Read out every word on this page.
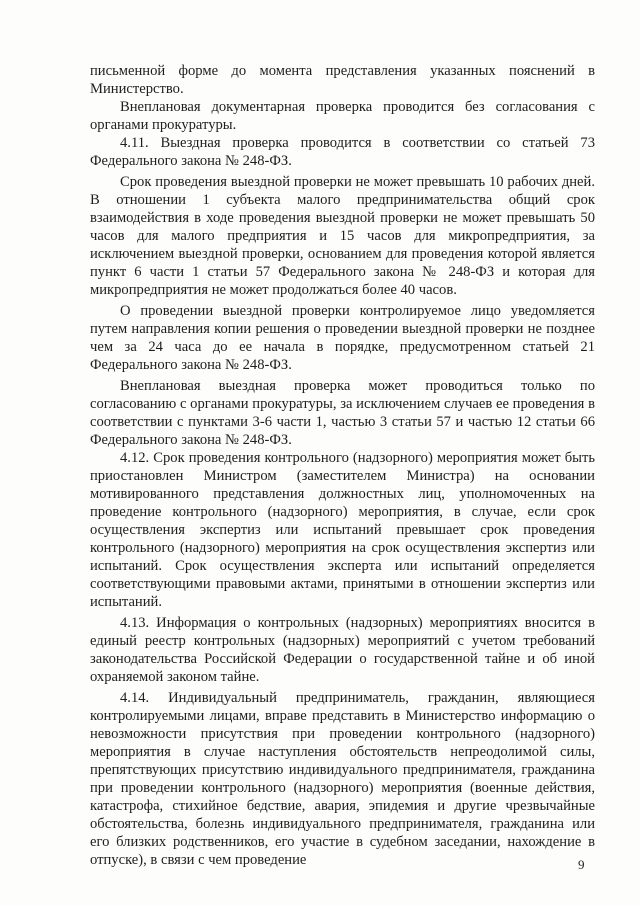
письменной форме до момента представления указанных пояснений в Министерство.

Внеплановая документарная проверка проводится без согласования с органами прокуратуры.

4.11. Выездная проверка проводится в соответствии со статьей 73 Федерального закона № 248-ФЗ.

Срок проведения выездной проверки не может превышать 10 рабочих дней. В отношении 1 субъекта малого предпринимательства общий срок взаимодействия в ходе проведения выездной проверки не может превышать 50 часов для малого предприятия и 15 часов для микропредприятия, за исключением выездной проверки, основанием для проведения которой является пункт 6 части 1 статьи 57 Федерального закона № 248-ФЗ и которая для микропредприятия не может продолжаться более 40 часов.

О проведении выездной проверки контролируемое лицо уведомляется путем направления копии решения о проведении выездной проверки не позднее чем за 24 часа до ее начала в порядке, предусмотренном статьей 21 Федерального закона № 248-ФЗ.

Внеплановая выездная проверка может проводиться только по согласованию с органами прокуратуры, за исключением случаев ее проведения в соответствии с пунктами 3-6 части 1, частью 3 статьи 57 и частью 12 статьи 66 Федерального закона № 248-ФЗ.

4.12. Срок проведения контрольного (надзорного) мероприятия может быть приостановлен Министром (заместителем Министра) на основании мотивированного представления должностных лиц, уполномоченных на проведение контрольного (надзорного) мероприятия, в случае, если срок осуществления экспертиз или испытаний превышает срок проведения контрольного (надзорного) мероприятия на срок осуществления экспертиз или испытаний. Срок осуществления эксперта или испытаний определяется соответствующими правовыми актами, принятыми в отношении экспертиз или испытаний.

4.13. Информация о контрольных (надзорных) мероприятиях вносится в единый реестр контрольных (надзорных) мероприятий с учетом требований законодательства Российской Федерации о государственной тайне и об иной охраняемой законом тайне.

4.14. Индивидуальный предприниматель, гражданин, являющиеся контролируемыми лицами, вправе представить в Министерство информацию о невозможности присутствия при проведении контрольного (надзорного) мероприятия в случае наступления обстоятельств непреодолимой силы, препятствующих присутствию индивидуального предпринимателя, гражданина при проведении контрольного (надзорного) мероприятия (военные действия, катастрофа, стихийное бедствие, авария, эпидемия и другие чрезвычайные обстоятельства, болезнь индивидуального предпринимателя, гражданина или его близких родственников, его участие в судебном заседании, нахождение в отпуске), в связи с чем проведение	9
